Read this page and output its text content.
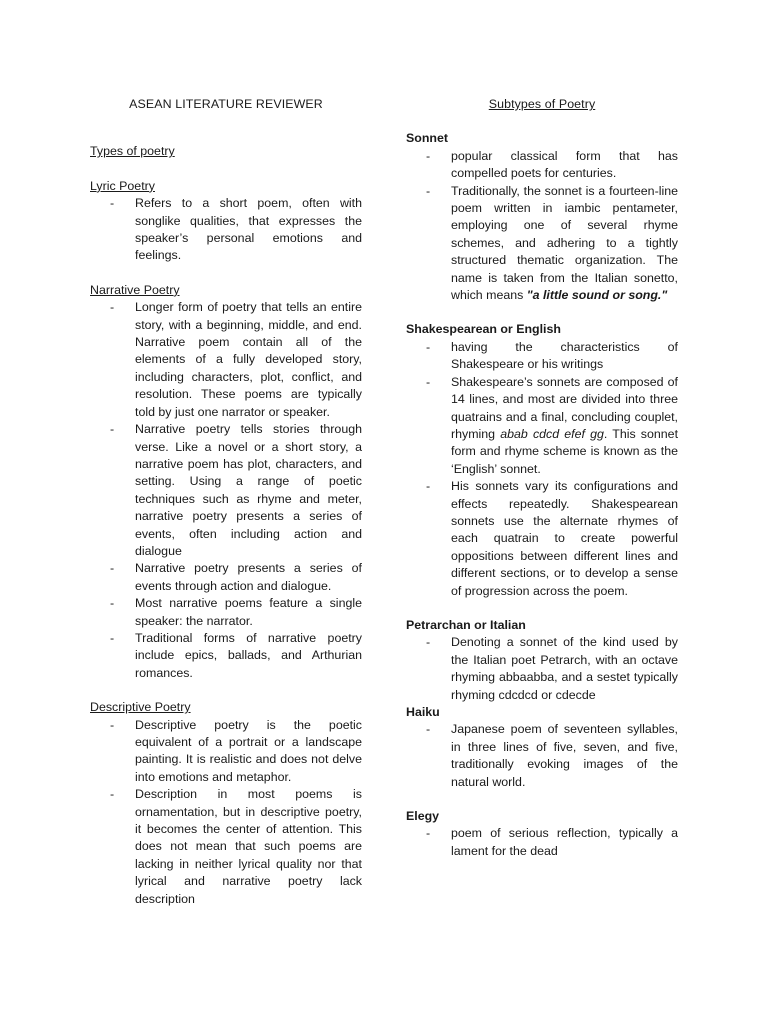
ASEAN LITERATURE REVIEWER

Types of poetry

Lyric Poetry

- Refers to a short poem, often with songlike qualities, that expresses the speaker’s personal emotions and feelings.

Narrative Poetry

- Longer form of poetry that tells an entire story, with a beginning, middle, and end. Narrative poem contain all of the elements of a fully developed story, including characters, plot, conflict, and resolution. These poems are typically told by just one narrator or speaker.
- Narrative poetry tells stories through verse. Like a novel or a short story, a narrative poem has plot, characters, and setting. Using a range of poetic techniques such as rhyme and meter, narrative poetry presents a series of events, often including action and dialogue
- Narrative poetry presents a series of events through action and dialogue.
- Most narrative poems feature a single speaker: the narrator.
- Traditional forms of narrative poetry include epics, ballads, and Arthurian romances.

Descriptive Poetry

- Descriptive poetry is the poetic equivalent of a portrait or a landscape painting. It is realistic and does not delve into emotions and metaphor.
- Description in most poems is ornamentation, but in descriptive poetry, it becomes the center of attention. This does not mean that such poems are lacking in neither lyrical quality nor that lyrical and narrative poetry lack description
Subtypes of Poetry

Sonnet

- popular classical form that has compelled poets for centuries.
- Traditionally, the sonnet is a fourteen-line poem written in iambic pentameter, employing one of several rhyme schemes, and adhering to a tightly structured thematic organization. The name is taken from the Italian sonetto, which means "a little sound or song."

Shakespearean or English

- having the characteristics of Shakespeare or his writings
- Shakespeare’s sonnets are composed of 14 lines, and most are divided into three quatrains and a final, concluding couplet, rhyming abab cdcd efef gg. This sonnet form and rhyme scheme is known as the ‘English’ sonnet.
- His sonnets vary its configurations and effects repeatedly. Shakespearean sonnets use the alternate rhymes of each quatrain to create powerful oppositions between different lines and different sections, or to develop a sense of progression across the poem.

Petrarchan or Italian

- Denoting a sonnet of the kind used by the Italian poet Petrarch, with an octave rhyming abbaabba, and a sestet typically rhyming cdcdcd or cdecde

Haiku

- Japanese poem of seventeen syllables, in three lines of five, seven, and five, traditionally evoking images of the natural world.

Elegy

- poem of serious reflection, typically a lament for the dead
